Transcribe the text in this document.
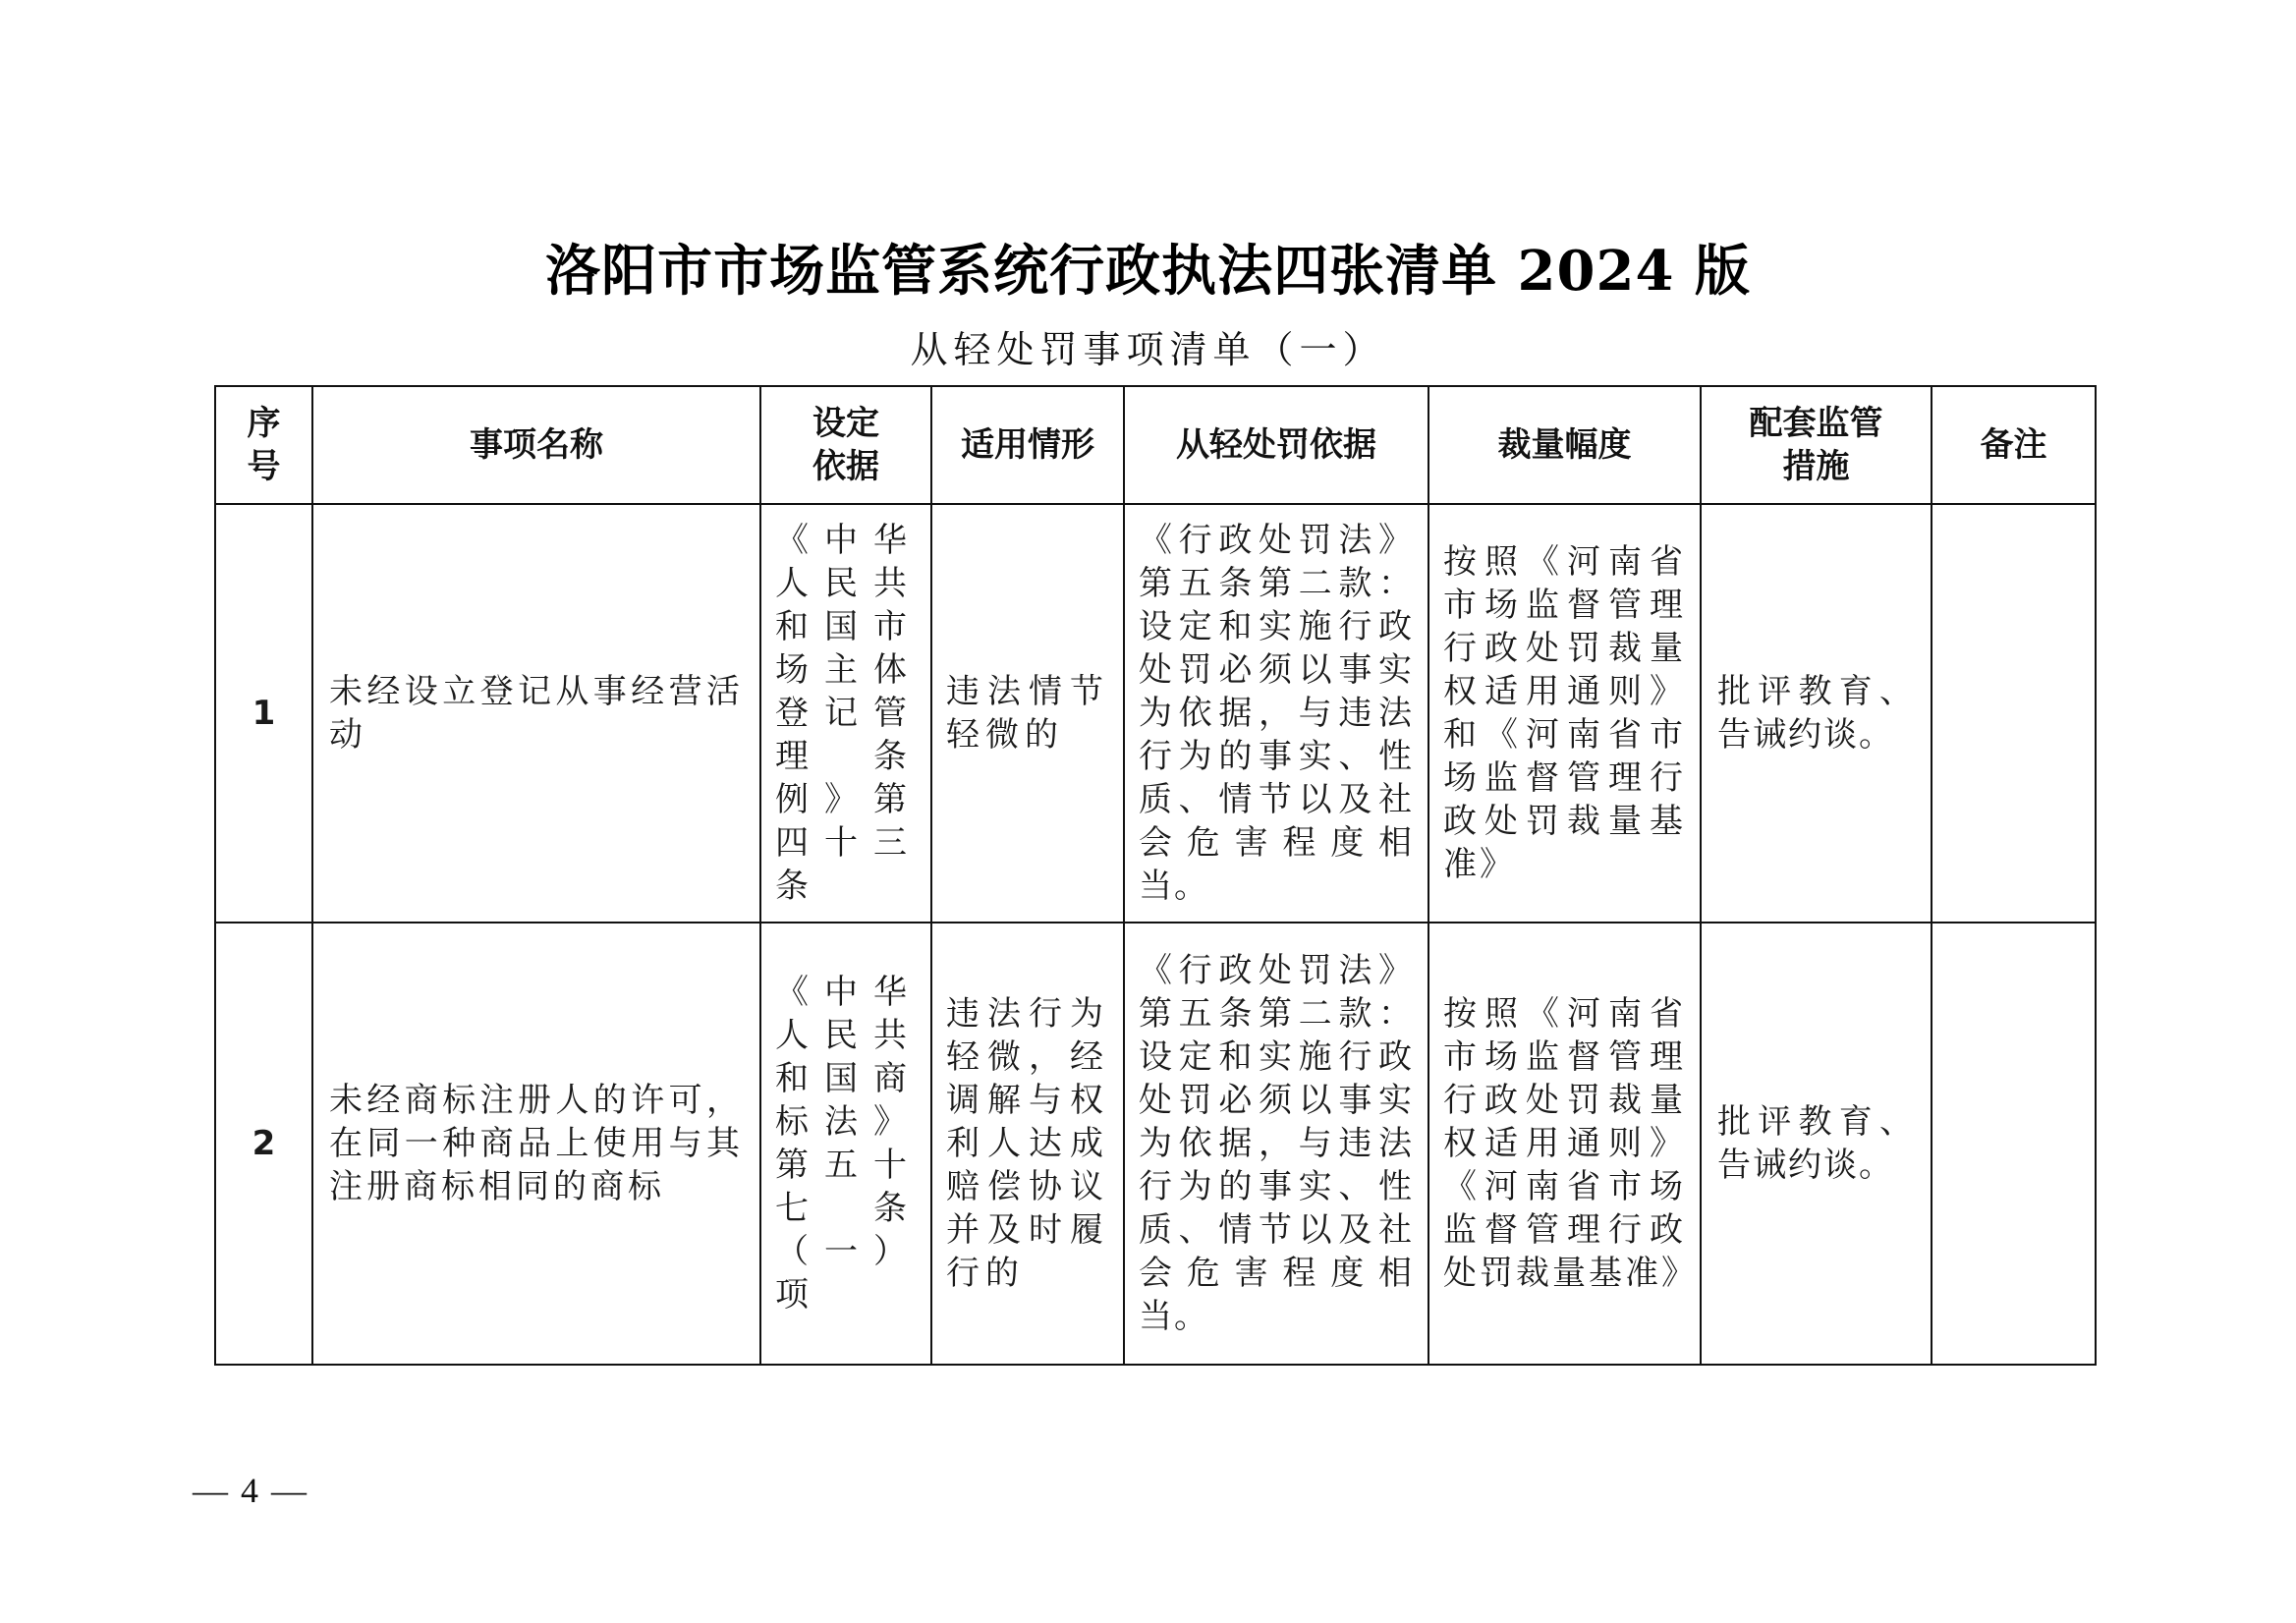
洛阳市市场监管系统行政执法四张清单 2024 版
从轻处罚事项清单（一）
序号	事项名称	设定依据	适用情形	从轻处罚依据	裁量幅度	配套监管措施	备注
1	未经设立登记从事经营活动	《中华人民共和国市场主体登记管理条例》第四十三条	违法情节轻微的	《行政处罚法》第五条第二款：设定和实施行政处罚必须以事实为依据，与违法行为的事实、性质、情节以及社会危害程度相当。	按照《河南省市场监督管理行政处罚裁量权适用通则》和《河南省市场监督管理行政处罚裁量基准》	批评教育、告诫约谈。	

2	未经商标注册人的许可，在同一种商品上使用与其注册商标相同的商标	《中华人民共和国商标法》第五十七条（一）项	违法行为轻微，经调解与权利人达成赔偿协议并及时履行的	《行政处罚法》第五条第二款：设定和实施行政处罚必须以事实为依据，与违法行为的事实、性质、情节以及社会危害程度相当。	按照《河南省市场监督管理行政处罚裁量权适用通则》《河南省市场监督管理行政处罚裁量基准》	批评教育、告诫约谈。	

— 4 —
